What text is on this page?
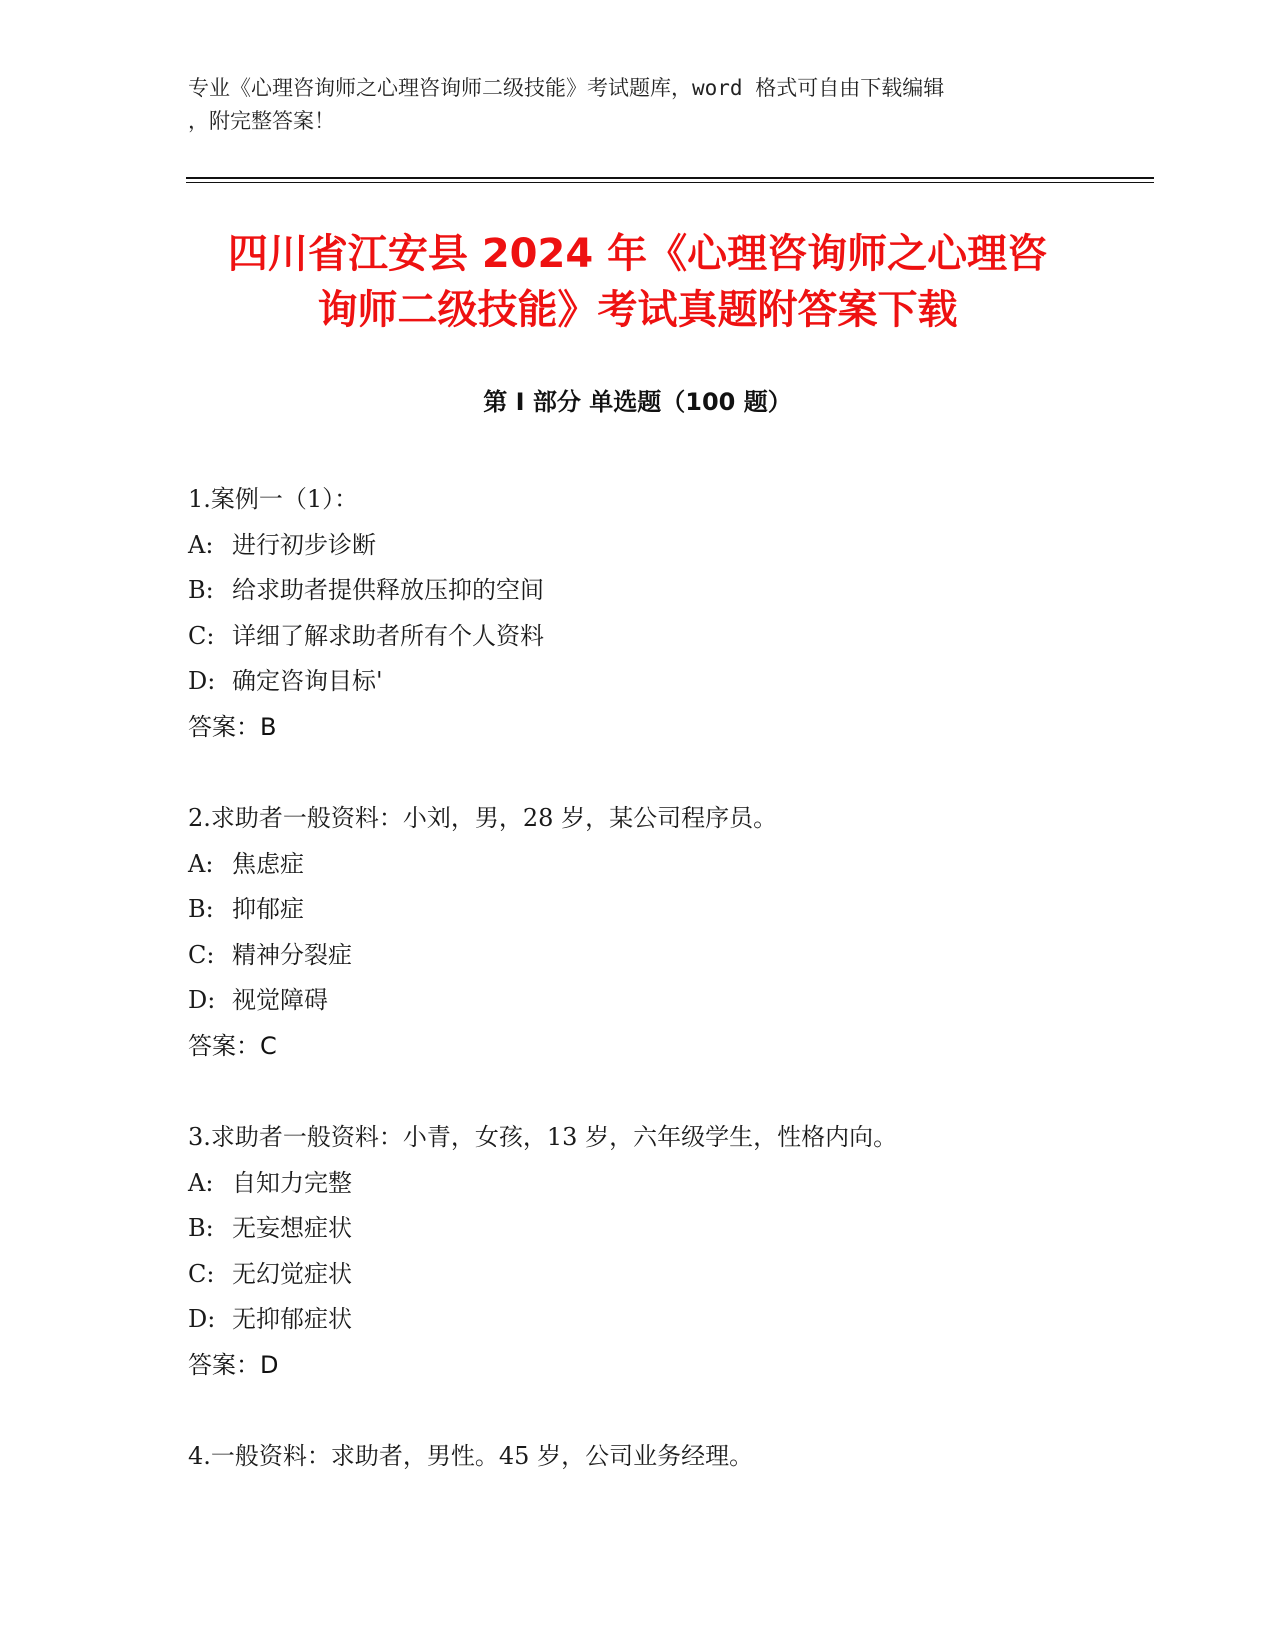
专业《心理咨询师之心理咨询师二级技能》考试题库，word 格式可自由下载编辑
，附完整答案！
四川省江安县 2024 年《心理咨询师之心理咨
询师二级技能》考试真题附答案下载
第 I 部分 单选题（100 题）
1.案例一（1）：
A: 进行初步诊断
B: 给求助者提供释放压抑的空间
C: 详细了解求助者所有个人资料
D: 确定咨询目标'
答案：B
2.求助者一般资料：小刘，男，28 岁，某公司程序员。
A: 焦虑症
B: 抑郁症
C: 精神分裂症
D: 视觉障碍
答案：C
3.求助者一般资料：小青，女孩，13 岁，六年级学生，性格内向。
A: 自知力完整
B: 无妄想症状
C: 无幻觉症状
D: 无抑郁症状
答案：D
4.一般资料：求助者，男性。45 岁，公司业务经理。
